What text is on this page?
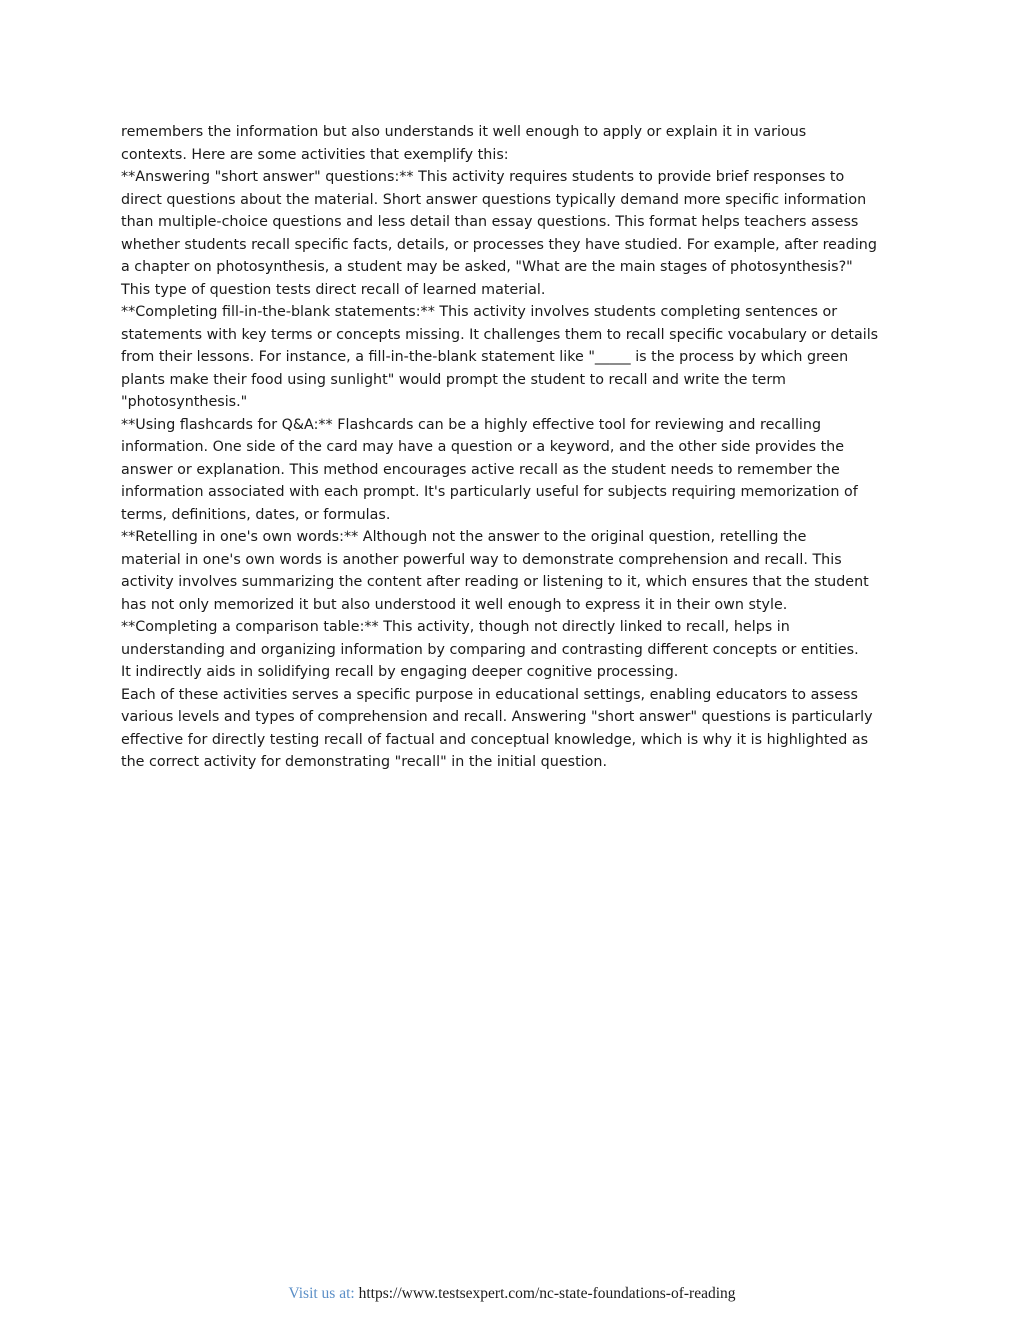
remembers the information but also understands it well enough to apply or explain it in various
contexts. Here are some activities that exemplify this:
**Answering "short answer" questions:** This activity requires students to provide brief responses to
direct questions about the material. Short answer questions typically demand more specific information
than multiple-choice questions and less detail than essay questions. This format helps teachers assess
whether students recall specific facts, details, or processes they have studied. For example, after reading
a chapter on photosynthesis, a student may be asked, "What are the main stages of photosynthesis?"
This type of question tests direct recall of learned material.
**Completing fill-in-the-blank statements:** This activity involves students completing sentences or
statements with key terms or concepts missing. It challenges them to recall specific vocabulary or details
from their lessons. For instance, a fill-in-the-blank statement like "_____ is the process by which green
plants make their food using sunlight" would prompt the student to recall and write the term
"photosynthesis."
**Using flashcards for Q&A:** Flashcards can be a highly effective tool for reviewing and recalling
information. One side of the card may have a question or a keyword, and the other side provides the
answer or explanation. This method encourages active recall as the student needs to remember the
information associated with each prompt. It's particularly useful for subjects requiring memorization of
terms, definitions, dates, or formulas.
**Retelling in one's own words:** Although not the answer to the original question, retelling the
material in one's own words is another powerful way to demonstrate comprehension and recall. This
activity involves summarizing the content after reading or listening to it, which ensures that the student
has not only memorized it but also understood it well enough to express it in their own style.
**Completing a comparison table:** This activity, though not directly linked to recall, helps in
understanding and organizing information by comparing and contrasting different concepts or entities.
It indirectly aids in solidifying recall by engaging deeper cognitive processing.
Each of these activities serves a specific purpose in educational settings, enabling educators to assess
various levels and types of comprehension and recall. Answering "short answer" questions is particularly
effective for directly testing recall of factual and conceptual knowledge, which is why it is highlighted as
the correct activity for demonstrating "recall" in the initial question.
Visit us at: https://www.testsexpert.com/nc-state-foundations-of-reading
